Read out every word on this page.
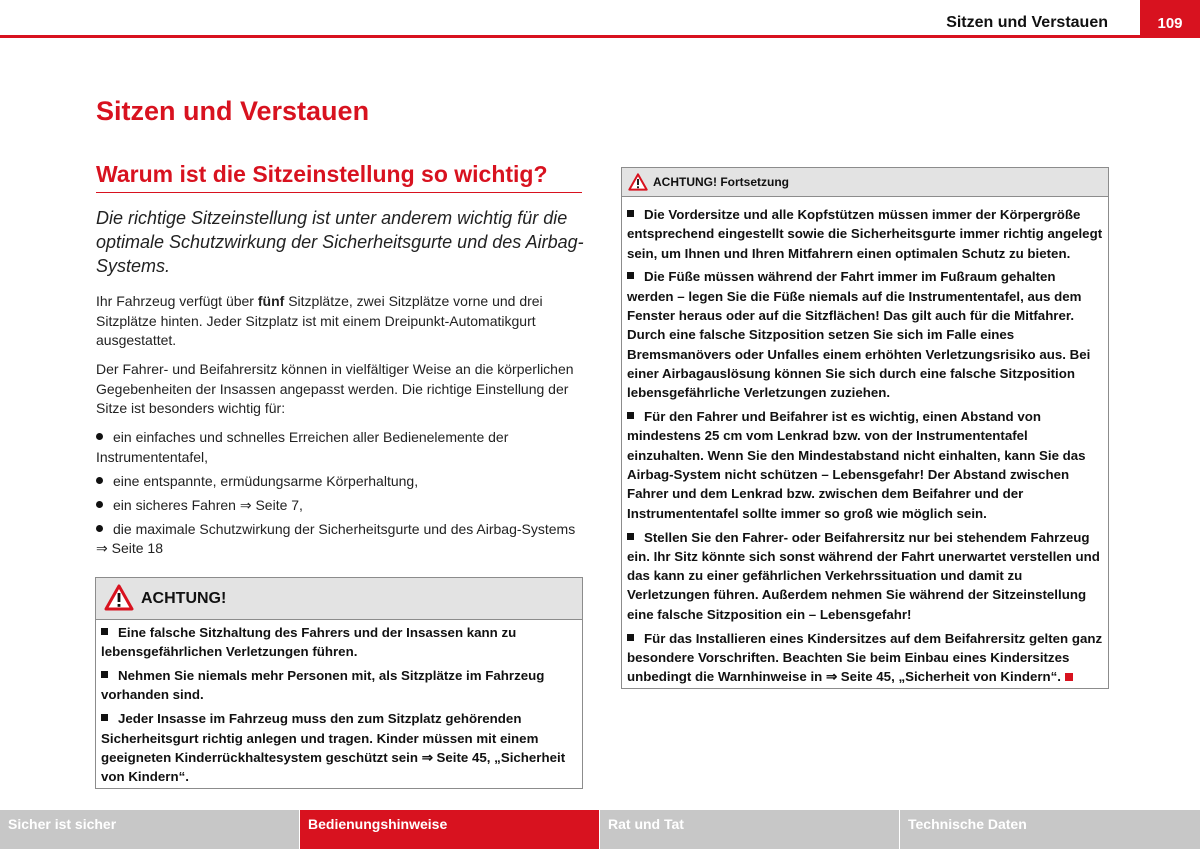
Sitzen und Verstauen	109
Sitzen und Verstauen
Warum ist die Sitzeinstellung so wichtig?

Die richtige Sitzeinstellung ist unter anderem wichtig für die optimale Schutzwirkung der Sicherheitsgurte und des Airbag-Systems.

Ihr Fahrzeug verfügt über fünf Sitzplätze, zwei Sitzplätze vorne und drei Sitzplätze hinten. Jeder Sitzplatz ist mit einem Dreipunkt-Automatikgurt ausgestattet.

Der Fahrer- und Beifahrersitz können in vielfältiger Weise an die körperlichen Gegebenheiten der Insassen angepasst werden. Die richtige Einstellung der Sitze ist besonders wichtig für:

ein einfaches und schnelles Erreichen aller Bedienelemente der Instrumententafel,
eine entspannte, ermüdungsarme Körperhaltung,
ein sicheres Fahren ⇒ Seite 7,
die maximale Schutzwirkung der Sicherheitsgurte und des Airbag-Systems ⇒ Seite 18
ACHTUNG!

Eine falsche Sitzhaltung des Fahrers und der Insassen kann zu lebensgefährlichen Verletzungen führen.

Nehmen Sie niemals mehr Personen mit, als Sitzplätze im Fahrzeug vorhanden sind.

Jeder Insasse im Fahrzeug muss den zum Sitzplatz gehörenden Sicherheitsgurt richtig anlegen und tragen. Kinder müssen mit einem geeigneten Kinderrückhaltesystem geschützt sein ⇒ Seite 45, „Sicherheit von Kindern“.

ACHTUNG! Fortsetzung

Die Vordersitze und alle Kopfstützen müssen immer der Körpergröße entsprechend eingestellt sowie die Sicherheitsgurte immer richtig angelegt sein, um Ihnen und Ihren Mitfahrern einen optimalen Schutz zu bieten.

Die Füße müssen während der Fahrt immer im Fußraum gehalten werden – legen Sie die Füße niemals auf die Instrumententafel, aus dem Fenster heraus oder auf die Sitzflächen! Das gilt auch für die Mitfahrer. Durch eine falsche Sitzposition setzen Sie sich im Falle eines Bremsmanövers oder Unfalles einem erhöhten Verletzungsrisiko aus. Bei einer Airbagauslösung können Sie sich durch eine falsche Sitzposition lebensgefährliche Verletzungen zuziehen.

Für den Fahrer und Beifahrer ist es wichtig, einen Abstand von mindestens 25 cm vom Lenkrad bzw. von der Instrumententafel einzuhalten. Wenn Sie den Mindestabstand nicht einhalten, kann Sie das Airbag-System nicht schützen – Lebensgefahr! Der Abstand zwischen Fahrer und dem Lenkrad bzw. zwischen dem Beifahrer und der Instrumententafel sollte immer so groß wie möglich sein.

Stellen Sie den Fahrer- oder Beifahrersitz nur bei stehendem Fahrzeug ein. Ihr Sitz könnte sich sonst während der Fahrt unerwartet verstellen und das kann zu einer gefährlichen Verkehrssituation und damit zu Verletzungen führen. Außerdem nehmen Sie während der Sitzeinstellung eine falsche Sitzposition ein – Lebensgefahr!

Für das Installieren eines Kindersitzes auf dem Beifahrersitz gelten ganz besondere Vorschriften. Beachten Sie beim Einbau eines Kindersitzes unbedingt die Warnhinweise in ⇒ Seite 45, „Sicherheit von Kindern“.

Sicher ist sicher	Bedienungshinweise	Rat und Tat	Technische Daten
